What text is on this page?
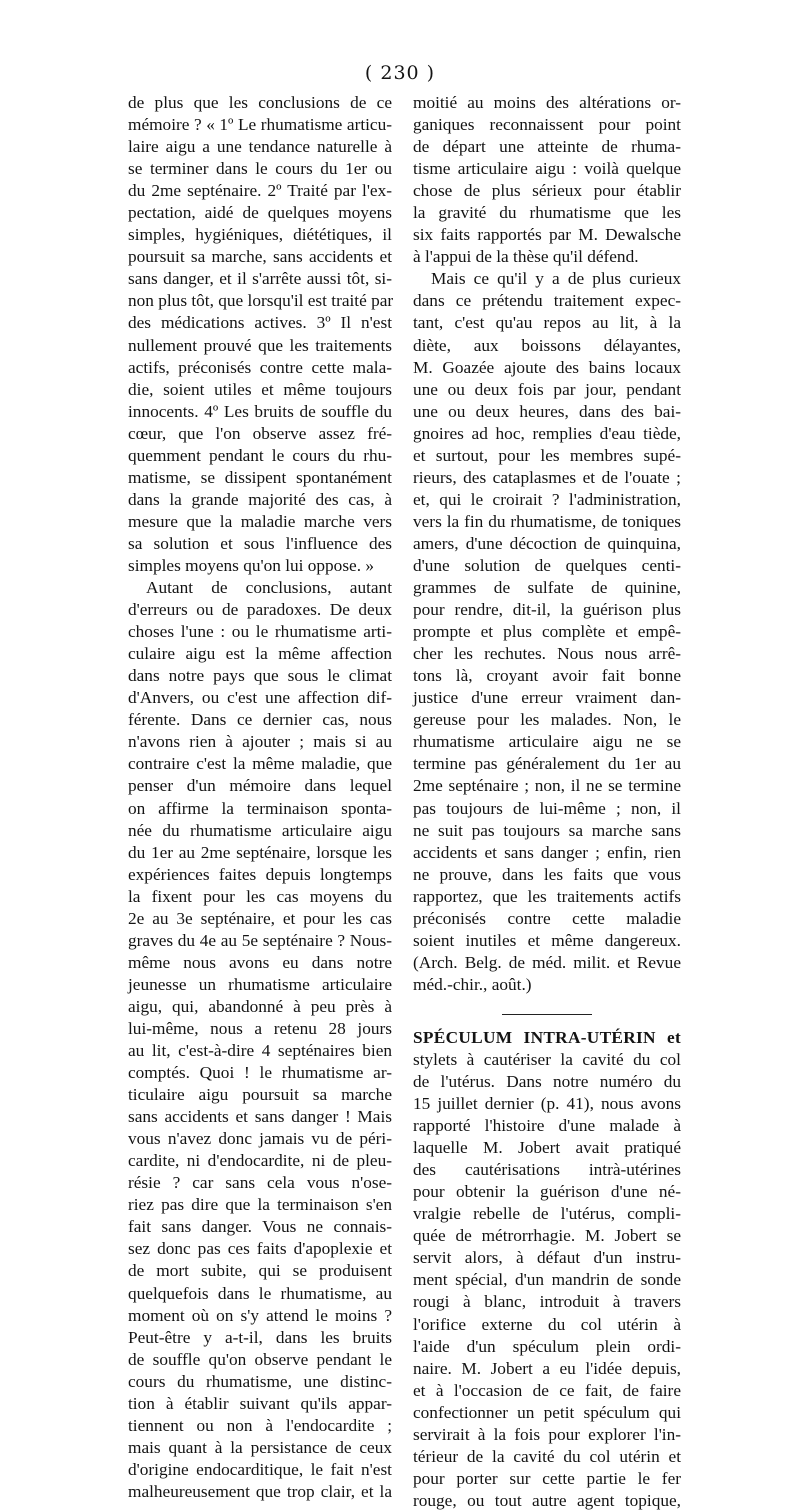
( 230 )
de plus que les conclusions de ce
mémoire ? « 1º Le rhumatisme articu-
laire aigu a une tendance naturelle à
se terminer dans le cours du 1er ou
du 2me septénaire. 2º Traité par l'ex-
pectation, aidé de quelques moyens
simples, hygiéniques, diététiques, il
poursuit sa marche, sans accidents et
sans danger, et il s'arrête aussi tôt, si-
non plus tôt, que lorsqu'il est traité par
des médications actives. 3º Il n'est
nullement prouvé que les traitements
actifs, préconisés contre cette mala-
die, soient utiles et même toujours
innocents. 4º Les bruits de souffle du
cœur, que l'on observe assez fré-
quemment pendant le cours du rhu-
matisme, se dissipent spontanément
dans la grande majorité des cas, à
mesure que la maladie marche vers
sa solution et sous l'influence des
simples moyens qu'on lui oppose. »
Autant de conclusions, autant
d'erreurs ou de paradoxes. De deux
choses l'une : ou le rhumatisme arti-
culaire aigu est la même affection
dans notre pays que sous le climat
d'Anvers, ou c'est une affection dif-
férente. Dans ce dernier cas, nous
n'avons rien à ajouter ; mais si au
contraire c'est la même maladie, que
penser d'un mémoire dans lequel
on affirme la terminaison sponta-
née du rhumatisme articulaire aigu
du 1er au 2me septénaire, lorsque les
expériences faites depuis longtemps
la fixent pour les cas moyens du
2e au 3e septénaire, et pour les cas
graves du 4e au 5e septénaire ? Nous-
même nous avons eu dans notre
jeunesse un rhumatisme articulaire
aigu, qui, abandonné à peu près à
lui-même, nous a retenu 28 jours
au lit, c'est-à-dire 4 septénaires bien
comptés. Quoi ! le rhumatisme ar-
ticulaire aigu poursuit sa marche
sans accidents et sans danger ! Mais
vous n'avez donc jamais vu de péri-
cardite, ni d'endocardite, ni de pleu-
résie ? car sans cela vous n'ose-
riez pas dire que la terminaison s'en
fait sans danger. Vous ne connais-
sez donc pas ces faits d'apoplexie et
de mort subite, qui se produisent
quelquefois dans le rhumatisme, au
moment où on s'y attend le moins ?
Peut-être y a-t-il, dans les bruits
de souffle qu'on observe pendant le
cours du rhumatisme, une distinc-
tion à établir suivant qu'ils appar-
tiennent ou non à l'endocardite ;
mais quant à la persistance de ceux
d'origine endocarditique, le fait n'est
malheureusement que trop clair, et la
moitié au moins des altérations or-
ganiques reconnaissent pour point
de départ une atteinte de rhuma-
tisme articulaire aigu : voilà quelque
chose de plus sérieux pour établir
la gravité du rhumatisme que les
six faits rapportés par M. Dewalsche
à l'appui de la thèse qu'il défend.
Mais ce qu'il y a de plus curieux
dans ce prétendu traitement expec-
tant, c'est qu'au repos au lit, à la
diète, aux boissons délayantes,
M. Goazée ajoute des bains locaux
une ou deux fois par jour, pendant
une ou deux heures, dans des bai-
gnoires ad hoc, remplies d'eau tiède,
et surtout, pour les membres supé-
rieurs, des cataplasmes et de l'ouate ;
et, qui le croirait ? l'administration,
vers la fin du rhumatisme, de toniques
amers, d'une décoction de quinquina,
d'une solution de quelques centi-
grammes de sulfate de quinine,
pour rendre, dit-il, la guérison plus
prompte et plus complète et empê-
cher les rechutes. Nous nous arrê-
tons là, croyant avoir fait bonne
justice d'une erreur vraiment dan-
gereuse pour les malades. Non, le
rhumatisme articulaire aigu ne se
termine pas généralement du 1er au
2me septénaire ; non, il ne se termine
pas toujours de lui-même ; non, il
ne suit pas toujours sa marche sans
accidents et sans danger ; enfin, rien
ne prouve, dans les faits que vous
rapportez, que les traitements actifs
préconisés contre cette maladie
soient inutiles et même dangereux.
(Arch. Belg. de méd. milit. et Revue
méd.-chir., août.)
SPÉCULUM INTRA-UTÉRIN et
stylets à cautériser la cavité du col
de l'utérus. Dans notre numéro du
15 juillet dernier (p. 41), nous avons
rapporté l'histoire d'une malade à
laquelle M. Jobert avait pratiqué
des cautérisations intrà-utérines
pour obtenir la guérison d'une né-
vralgie rebelle de l'utérus, compli-
quée de métrorrhagie. M. Jobert se
servit alors, à défaut d'un instru-
ment spécial, d'un mandrin de sonde
rougi à blanc, introduit à travers
l'orifice externe du col utérin à
l'aide d'un spéculum plein ordi-
naire. M. Jobert a eu l'idée depuis,
et à l'occasion de ce fait, de faire
confectionner un petit spéculum qui
servirait à la fois pour explorer l'in-
térieur de la cavité du col utérin et
pour porter sur cette partie le fer
rouge, ou tout autre agent topique,
